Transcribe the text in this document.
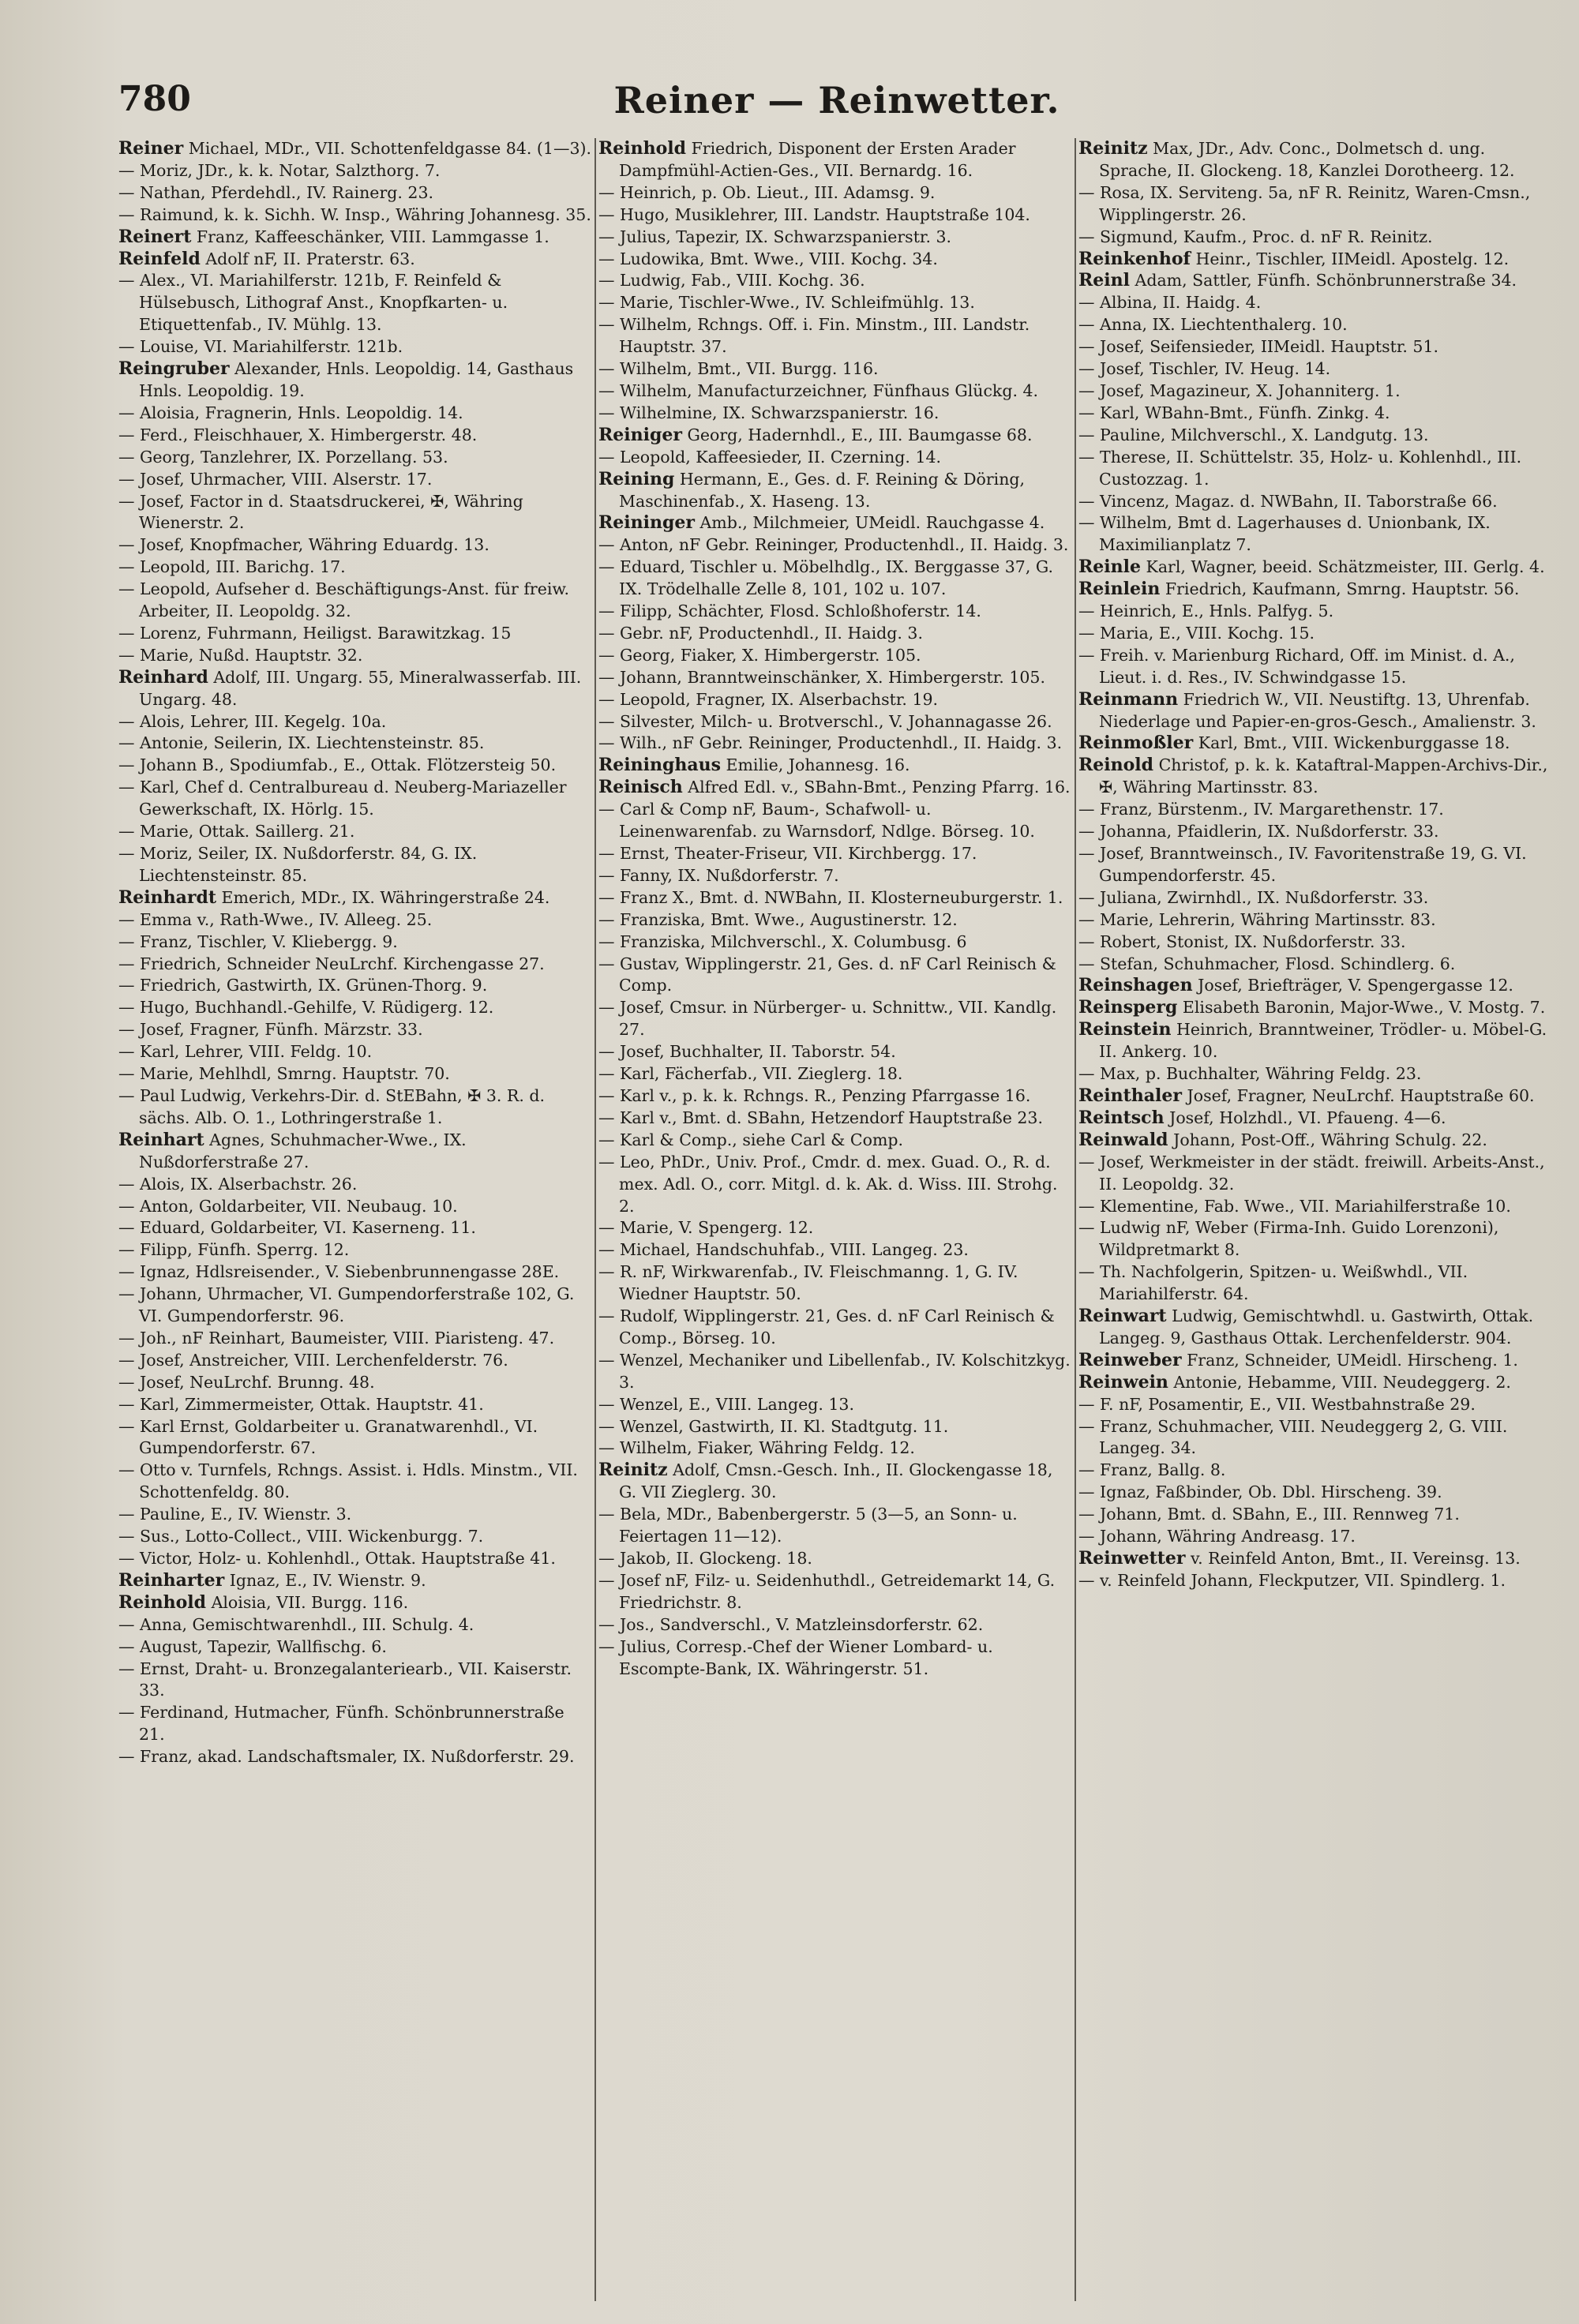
780	Reiner — Reinwetter.

Reiner Michael, MDr., VII. Schottenfeldgasse 84. (1—3).

— Moriz, JDr., k. k. Notar, Salzthorg. 7.

— Nathan, Pferdehdl., IV. Rainerg. 23.

— Raimund, k. k. Sichh. W. Insp., Währing Johannesg. 35.

Reinert Franz, Kaffeeschänker, VIII. Lammgasse 1.

Reinfeld Adolf nF, II. Praterstr. 63.

— Alex., VI. Mariahilferstr. 121b, F. Reinfeld & Hülsebusch, Lithograf Anst., Knopfkarten- u. Etiquettenfab., IV. Mühlg. 13.

— Louise, VI. Mariahilferstr. 121b.

Reingruber Alexander, Hnls. Leopoldig. 14, Gasthaus Hnls. Leopoldig. 19.

— Aloisia, Fragnerin, Hnls. Leopoldig. 14.

— Ferd., Fleischhauer, X. Himbergerstr. 48.

— Georg, Tanzlehrer, IX. Porzellang. 53.

— Josef, Uhrmacher, VIII. Alserstr. 17.

— Josef, Factor in d. Staatsdruckerei, ✠, Währing Wienerstr. 2.

— Josef, Knopfmacher, Währing Eduardg. 13.

— Leopold, III. Barichg. 17.

— Leopold, Aufseher d. Beschäftigungs-Anst. für freiw. Arbeiter, II. Leopoldg. 32.

— Lorenz, Fuhrmann, Heiligst. Barawitzkag. 15

— Marie, Nußd. Hauptstr. 32.

Reinhard Adolf, III. Ungarg. 55, Mineralwasserfab. III. Ungarg. 48.

— Alois, Lehrer, III. Kegelg. 10a.

— Antonie, Seilerin, IX. Liechtensteinstr. 85.

— Johann B., Spodiumfab., E., Ottak. Flötzersteig 50.

— Karl, Chef d. Centralbureau d. Neuberg-Mariazeller Gewerkschaft, IX. Hörlg. 15.

— Marie, Ottak. Saillerg. 21.

— Moriz, Seiler, IX. Nußdorferstr. 84, G. IX. Liechtensteinstr. 85.

Reinhardt Emerich, MDr., IX. Währingerstraße 24.

— Emma v., Rath-Wwe., IV. Alleeg. 25.

— Franz, Tischler, V. Kliebergg. 9.

— Friedrich, Schneider NeuLrchf. Kirchengasse 27.

— Friedrich, Gastwirth, IX. Grünen-Thorg. 9.

— Hugo, Buchhandl.-Gehilfe, V. Rüdigerg. 12.

— Josef, Fragner, Fünfh. Märzstr. 33.

— Karl, Lehrer, VIII. Feldg. 10.

— Marie, Mehlhdl, Smrng. Hauptstr. 70.

— Paul Ludwig, Verkehrs-Dir. d. StEBahn, ✠ 3. R. d. sächs. Alb. O. 1., Lothringerstraße 1.

Reinhart Agnes, Schuhmacher-Wwe., IX. Nußdorferstraße 27.

— Alois, IX. Alserbachstr. 26.

— Anton, Goldarbeiter, VII. Neubaug. 10.

— Eduard, Goldarbeiter, VI. Kaserneng. 11.

— Filipp, Fünfh. Sperrg. 12.

— Ignaz, Hdlsreisender., V. Siebenbrunnengasse 28E.

— Johann, Uhrmacher, VI. Gumpendorferstraße 102, G. VI. Gumpendorferstr. 96.

— Joh., nF Reinhart, Baumeister, VIII. Piaristeng. 47.

— Josef, Anstreicher, VIII. Lerchenfelderstr. 76.

— Josef, NeuLrchf. Brunng. 48.

— Karl, Zimmermeister, Ottak. Hauptstr. 41.

— Karl Ernst, Goldarbeiter u. Granatwarenhdl., VI. Gumpendorferstr. 67.

— Otto v. Turnfels, Rchngs. Assist. i. Hdls. Minstm., VII. Schottenfeldg. 80.

— Pauline, E., IV. Wienstr. 3.

— Sus., Lotto-Collect., VIII. Wickenburgg. 7.

— Victor, Holz- u. Kohlenhdl., Ottak. Hauptstraße 41.

Reinharter Ignaz, E., IV. Wienstr. 9.

Reinhold Aloisia, VII. Burgg. 116.

— Anna, Gemischtwarenhdl., III. Schulg. 4.

— August, Tapezir, Wallfischg. 6.

— Ernst, Draht- u. Bronzegalanteriearb., VII. Kaiserstr. 33.

— Ferdinand, Hutmacher, Fünfh. Schönbrunnerstraße 21.

— Franz, akad. Landschaftsmaler, IX. Nußdorferstr. 29.

Reinhold Friedrich, Disponent der Ersten Arader Dampfmühl-Actien-Ges., VII. Bernardg. 16.

— Heinrich, p. Ob. Lieut., III. Adamsg. 9.

— Hugo, Musiklehrer, III. Landstr. Hauptstraße 104.

— Julius, Tapezir, IX. Schwarzspanierstr. 3.

— Ludowika, Bmt. Wwe., VIII. Kochg. 34.

— Ludwig, Fab., VIII. Kochg. 36.

— Marie, Tischler-Wwe., IV. Schleifmühlg. 13.

— Wilhelm, Rchngs. Off. i. Fin. Minstm., III. Landstr. Hauptstr. 37.

— Wilhelm, Bmt., VII. Burgg. 116.

— Wilhelm, Manufacturzeichner, Fünfhaus Glückg. 4.

— Wilhelmine, IX. Schwarzspanierstr. 16.

Reiniger Georg, Hadernhdl., E., III. Baumgasse 68.

— Leopold, Kaffeesieder, II. Czerning. 14.

Reining Hermann, E., Ges. d. F. Reining & Döring, Maschinenfab., X. Haseng. 13.

Reininger Amb., Milchmeier, UMeidl. Rauchgasse 4.

— Anton, nF Gebr. Reininger, Productenhdl., II. Haidg. 3.

— Eduard, Tischler u. Möbelhdlg., IX. Berggasse 37, G. IX. Trödelhalle Zelle 8, 101, 102 u. 107.

— Filipp, Schächter, Flosd. Schloßhoferstr. 14.

— Gebr. nF, Productenhdl., II. Haidg. 3.

— Georg, Fiaker, X. Himbergerstr. 105.

— Johann, Branntweinschänker, X. Himbergerstr. 105.

— Leopold, Fragner, IX. Alserbachstr. 19.

— Silvester, Milch- u. Brotverschl., V. Johannagasse 26.

— Wilh., nF Gebr. Reininger, Productenhdl., II. Haidg. 3.

Reininghaus Emilie, Johannesg. 16.

Reinisch Alfred Edl. v., SBahn-Bmt., Penzing Pfarrg. 16.

— Carl & Comp nF, Baum-, Schafwoll- u. Leinenwarenfab. zu Warnsdorf, Ndlge. Börseg. 10.

— Ernst, Theater-Friseur, VII. Kirchbergg. 17.

— Fanny, IX. Nußdorferstr. 7.

— Franz X., Bmt. d. NWBahn, II. Klosterneuburgerstr. 1.

— Franziska, Bmt. Wwe., Augustinerstr. 12.

— Franziska, Milchverschl., X. Columbusg. 6

— Gustav, Wipplingerstr. 21, Ges. d. nF Carl Reinisch & Comp.

— Josef, Cmsur. in Nürberger- u. Schnittw., VII. Kandlg. 27.

— Josef, Buchhalter, II. Taborstr. 54.

— Karl, Fächerfab., VII. Zieglerg. 18.

— Karl v., p. k. k. Rchngs. R., Penzing Pfarrgasse 16.

— Karl v., Bmt. d. SBahn, Hetzendorf Hauptstraße 23.

— Karl & Comp., siehe Carl & Comp.

— Leo, PhDr., Univ. Prof., Cmdr. d. mex. Guad. O., R. d. mex. Adl. O., corr. Mitgl. d. k. Ak. d. Wiss. III. Strohg. 2.

— Marie, V. Spengerg. 12.

— Michael, Handschuhfab., VIII. Langeg. 23.

— R. nF, Wirkwarenfab., IV. Fleischmanng. 1, G. IV. Wiedner Hauptstr. 50.

— Rudolf, Wipplingerstr. 21, Ges. d. nF Carl Reinisch & Comp., Börseg. 10.

— Wenzel, Mechaniker und Libellenfab., IV. Kolschitzkyg. 3.

— Wenzel, E., VIII. Langeg. 13.

— Wenzel, Gastwirth, II. Kl. Stadtgutg. 11.

— Wilhelm, Fiaker, Währing Feldg. 12.

Reinitz Adolf, Cmsn.-Gesch. Inh., II. Glockengasse 18, G. VII Zieglerg. 30.

— Bela, MDr., Babenbergerstr. 5 (3—5, an Sonn- u. Feiertagen 11—12).

— Jakob, II. Glockeng. 18.

— Josef nF, Filz- u. Seidenhuthdl., Getreidemarkt 14, G. Friedrichstr. 8.

— Jos., Sandverschl., V. Matzleinsdorferstr. 62.

— Julius, Corresp.-Chef der Wiener Lombard- u. Escompte-Bank, IX. Währingerstr. 51.

Reinitz Max, JDr., Adv. Conc., Dolmetsch d. ung. Sprache, II. Glockeng. 18, Kanzlei Dorotheerg. 12.

— Rosa, IX. Serviteng. 5a, nF R. Reinitz, Waren-Cmsn., Wipplingerstr. 26.

— Sigmund, Kaufm., Proc. d. nF R. Reinitz.

Reinkenhof Heinr., Tischler, IIMeidl. Apostelg. 12.

Reinl Adam, Sattler, Fünfh. Schönbrunnerstraße 34.

— Albina, II. Haidg. 4.

— Anna, IX. Liechtenthalerg. 10.

— Josef, Seifensieder, IIMeidl. Hauptstr. 51.

— Josef, Tischler, IV. Heug. 14.

— Josef, Magazineur, X. Johanniterg. 1.

— Karl, WBahn-Bmt., Fünfh. Zinkg. 4.

— Pauline, Milchverschl., X. Landgutg. 13.

— Therese, II. Schüttelstr. 35, Holz- u. Kohlenhdl., III. Custozzag. 1.

— Vincenz, Magaz. d. NWBahn, II. Taborstraße 66.

— Wilhelm, Bmt d. Lagerhauses d. Unionbank, IX. Maximilianplatz 7.

Reinle Karl, Wagner, beeid. Schätzmeister, III. Gerlg. 4.

Reinlein Friedrich, Kaufmann, Smrng. Hauptstr. 56.

— Heinrich, E., Hnls. Palfyg. 5.

— Maria, E., VIII. Kochg. 15.

— Freih. v. Marienburg Richard, Off. im Minist. d. A., Lieut. i. d. Res., IV. Schwindgasse 15.

Reinmann Friedrich W., VII. Neustiftg. 13, Uhrenfab. Niederlage und Papier-en-gros-Gesch., Amalienstr. 3.

Reinmoßler Karl, Bmt., VIII. Wickenburggasse 18.

Reinold Christof, p. k. k. Kataftral-Mappen-Archivs-Dir., ✠, Währing Martinsstr. 83.

— Franz, Bürstenm., IV. Margarethenstr. 17.

— Johanna, Pfaidlerin, IX. Nußdorferstr. 33.

— Josef, Branntweinsch., IV. Favoritenstraße 19, G. VI. Gumpendorferstr. 45.

— Juliana, Zwirnhdl., IX. Nußdorferstr. 33.

— Marie, Lehrerin, Währing Martinsstr. 83.

— Robert, Stonist, IX. Nußdorferstr. 33.

— Stefan, Schuhmacher, Flosd. Schindlerg. 6.

Reinshagen Josef, Briefträger, V. Spengergasse 12.

Reinsperg Elisabeth Baronin, Major-Wwe., V. Mostg. 7.

Reinstein Heinrich, Branntweiner, Trödler- u. Möbel-G. II. Ankerg. 10.

— Max, p. Buchhalter, Währing Feldg. 23.

Reinthaler Josef, Fragner, NeuLrchf. Hauptstraße 60.

Reintsch Josef, Holzhdl., VI. Pfaueng. 4—6.

Reinwald Johann, Post-Off., Währing Schulg. 22.

— Josef, Werkmeister in der städt. freiwill. Arbeits-Anst., II. Leopoldg. 32.

— Klementine, Fab. Wwe., VII. Mariahilferstraße 10.

— Ludwig nF, Weber (Firma-Inh. Guido Lorenzoni), Wildpretmarkt 8.

— Th. Nachfolgerin, Spitzen- u. Weißwhdl., VII. Mariahilferstr. 64.

Reinwart Ludwig, Gemischtwhdl. u. Gastwirth, Ottak. Langeg. 9, Gasthaus Ottak. Lerchenfelderstr. 904.

Reinweber Franz, Schneider, UMeidl. Hirscheng. 1.

Reinwein Antonie, Hebamme, VIII. Neudeggerg. 2.

— F. nF, Posamentir, E., VII. Westbahnstraße 29.

— Franz, Schuhmacher, VIII. Neudeggerg 2, G. VIII. Langeg. 34.

— Franz, Ballg. 8.

— Ignaz, Faßbinder, Ob. Dbl. Hirscheng. 39.

— Johann, Bmt. d. SBahn, E., III. Rennweg 71.

— Johann, Währing Andreasg. 17.

Reinwetter v. Reinfeld Anton, Bmt., II. Vereinsg. 13.

— v. Reinfeld Johann, Fleckputzer, VII. Spindlerg. 1.
